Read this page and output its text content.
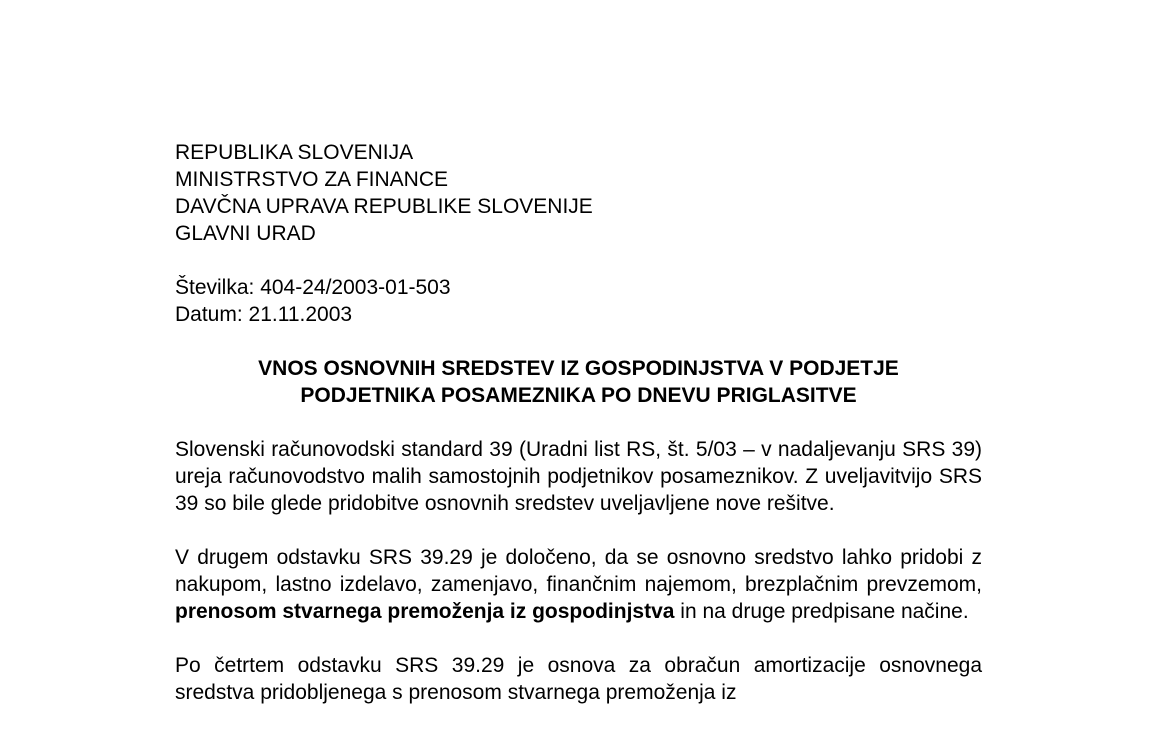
REPUBLIKA SLOVENIJA
MINISTRSTVO ZA FINANCE
DAVČNA UPRAVA REPUBLIKE SLOVENIJE
GLAVNI URAD
Številka: 404-24/2003-01-503
Datum: 21.11.2003
VNOS OSNOVNIH SREDSTEV IZ GOSPODINJSTVA V PODJETJE
PODJETNIKA POSAMEZNIKA PO DNEVU PRIGLASITVE

Slovenski računovodski standard 39 (Uradni list RS, št. 5/03 – v nadaljevanju SRS 39) ureja računovodstvo malih samostojnih podjetnikov posameznikov. Z uveljavitvijo SRS 39 so bile glede pridobitve osnovnih sredstev uveljavljene nove rešitve.

V drugem odstavku SRS 39.29 je določeno, da se osnovno sredstvo lahko pridobi z nakupom, lastno izdelavo, zamenjavo, finančnim najemom, brezplačnim prevzemom, prenosom stvarnega premoženja iz gospodinjstva in na druge predpisane načine.

Po četrtem odstavku SRS 39.29 je osnova za obračun amortizacije osnovnega sredstva pridobljenega s prenosom stvarnega premoženja iz
